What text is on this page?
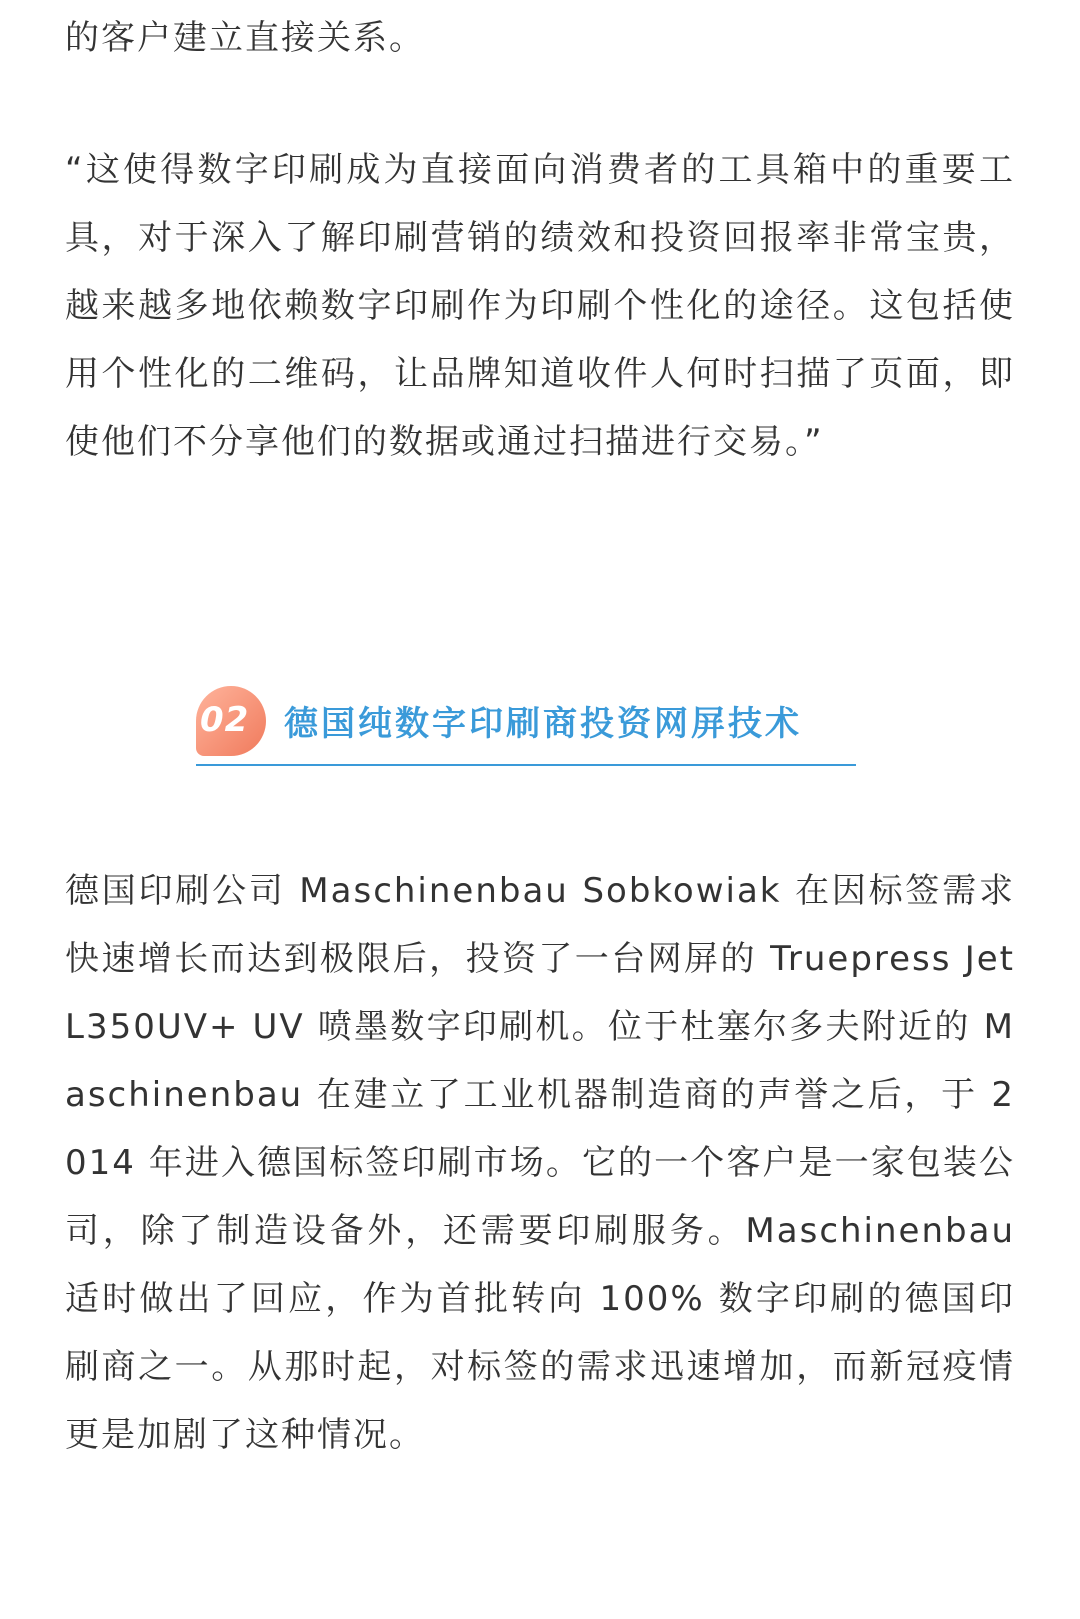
的客户建立直接关系。

“这使得数字印刷成为直接面向消费者的工具箱中的重要工具，对于深入了解印刷营销的绩效和投资回报率非常宝贵，越来越多地依赖数字印刷作为印刷个性化的途径。这包括使用个性化的二维码，让品牌知道收件人何时扫描了页面，即使他们不分享他们的数据或通过扫描进行交易。”

德国印刷公司 Maschinenbau Sobkowiak 在因标签需求快速增长而达到极限后，投资了一台网屏的 Truepress Jet L350UV+ UV 喷墨数字印刷机。位于杜塞尔多夫附近的 Maschinenbau 在建立了工业机器制造商的声誉之后，于 2014 年进入德国标签印刷市场。它的一个客户是一家包装公司，除了制造设备外，还需要印刷服务。Maschinenbau 适时做出了回应，作为首批转向 100% 数字印刷的德国印刷商之一。从那时起，对标签的需求迅速增加，而新冠疫情更是加剧了这种情况。

02 德国纯数字印刷商投资网屏技术
